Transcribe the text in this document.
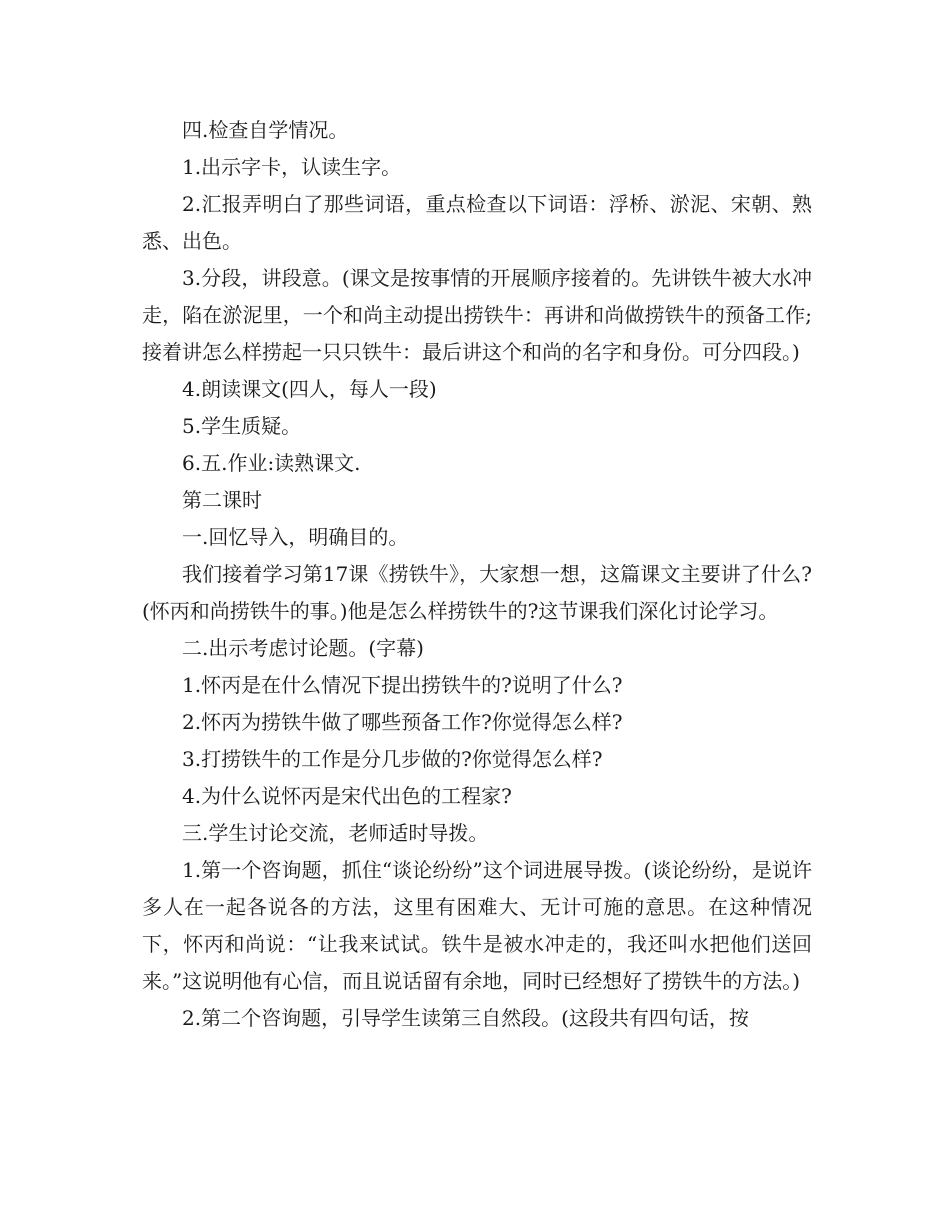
四.检查自学情况。

1.出示字卡，认读生字。

2.汇报弄明白了那些词语，重点检查以下词语：浮桥、淤泥、宋朝、熟悉、出色。

3.分段，讲段意。(课文是按事情的开展顺序接着的。先讲铁牛被大水冲走，陷在淤泥里，一个和尚主动提出捞铁牛：再讲和尚做捞铁牛的预备工作;接着讲怎么样捞起一只只铁牛：最后讲这个和尚的名字和身份。可分四段。)

4.朗读课文(四人，每人一段)

5.学生质疑。

6.五.作业:读熟课文.

第二课时

一.回忆导入，明确目的。

我们接着学习第17课《捞铁牛》，大家想一想，这篇课文主要讲了什么?(怀丙和尚捞铁牛的事。)他是怎么样捞铁牛的?这节课我们深化讨论学习。

二.出示考虑讨论题。(字幕)

1.怀丙是在什么情况下提出捞铁牛的?说明了什么?

2.怀丙为捞铁牛做了哪些预备工作?你觉得怎么样?

3.打捞铁牛的工作是分几步做的?你觉得怎么样?

4.为什么说怀丙是宋代出色的工程家?

三.学生讨论交流，老师适时导拨。

1.第一个咨询题，抓住“谈论纷纷”这个词进展导拨。(谈论纷纷，是说许多人在一起各说各的方法，这里有困难大、无计可施的意思。在这种情况下，怀丙和尚说：“让我来试试。铁牛是被水冲走的，我还叫水把他们送回来。”这说明他有心信，而且说话留有余地，同时已经想好了捞铁牛的方法。)

2.第二个咨询题，引导学生读第三自然段。(这段共有四句话，按
